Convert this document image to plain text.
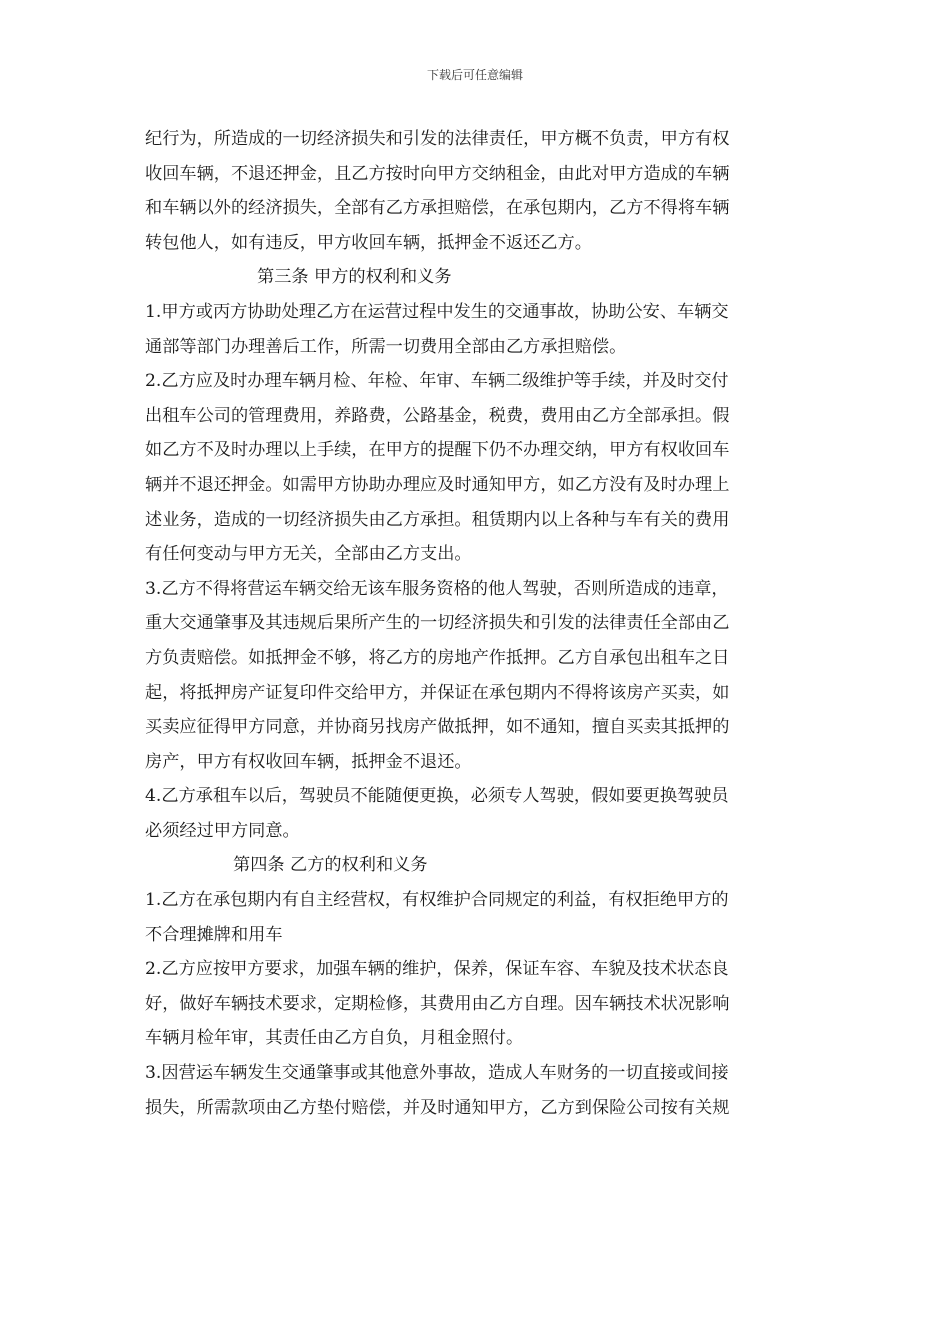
下载后可任意编辑
纪行为，所造成的一切经济损失和引发的法律责任，甲方概不负责，甲方有权
收回车辆，不退还押金，且乙方按时向甲方交纳租金，由此对甲方造成的车辆
和车辆以外的经济损失，全部有乙方承担赔偿，在承包期内，乙方不得将车辆
转包他人，如有违反，甲方收回车辆，抵押金不返还乙方。
第三条 甲方的权利和义务
1.甲方或丙方协助处理乙方在运营过程中发生的交通事故，协助公安、车辆交
通部等部门办理善后工作，所需一切费用全部由乙方承担赔偿。
2.乙方应及时办理车辆月检、年检、年审、车辆二级维护等手续，并及时交付
出租车公司的管理费用，养路费，公路基金，税费，费用由乙方全部承担。假
如乙方不及时办理以上手续，在甲方的提醒下仍不办理交纳，甲方有权收回车
辆并不退还押金。如需甲方协助办理应及时通知甲方，如乙方没有及时办理上
述业务，造成的一切经济损失由乙方承担。租赁期内以上各种与车有关的费用
有任何变动与甲方无关，全部由乙方支出。
3.乙方不得将营运车辆交给无该车服务资格的他人驾驶，否则所造成的违章，
重大交通肇事及其违规后果所产生的一切经济损失和引发的法律责任全部由乙
方负责赔偿。如抵押金不够，将乙方的房地产作抵押。乙方自承包出租车之日
起，将抵押房产证复印件交给甲方，并保证在承包期内不得将该房产买卖，如
买卖应征得甲方同意，并协商另找房产做抵押，如不通知，擅自买卖其抵押的
房产，甲方有权收回车辆，抵押金不退还。
4.乙方承租车以后，驾驶员不能随便更换，必须专人驾驶，假如要更换驾驶员
必须经过甲方同意。
第四条 乙方的权利和义务
1.乙方在承包期内有自主经营权，有权维护合同规定的利益，有权拒绝甲方的
不合理摊牌和用车
2.乙方应按甲方要求，加强车辆的维护，保养，保证车容、车貌及技术状态良
好，做好车辆技术要求，定期检修，其费用由乙方自理。因车辆技术状况影响
车辆月检年审，其责任由乙方自负，月租金照付。
3.因营运车辆发生交通肇事或其他意外事故，造成人车财务的一切直接或间接
损失，所需款项由乙方垫付赔偿，并及时通知甲方，乙方到保险公司按有关规
